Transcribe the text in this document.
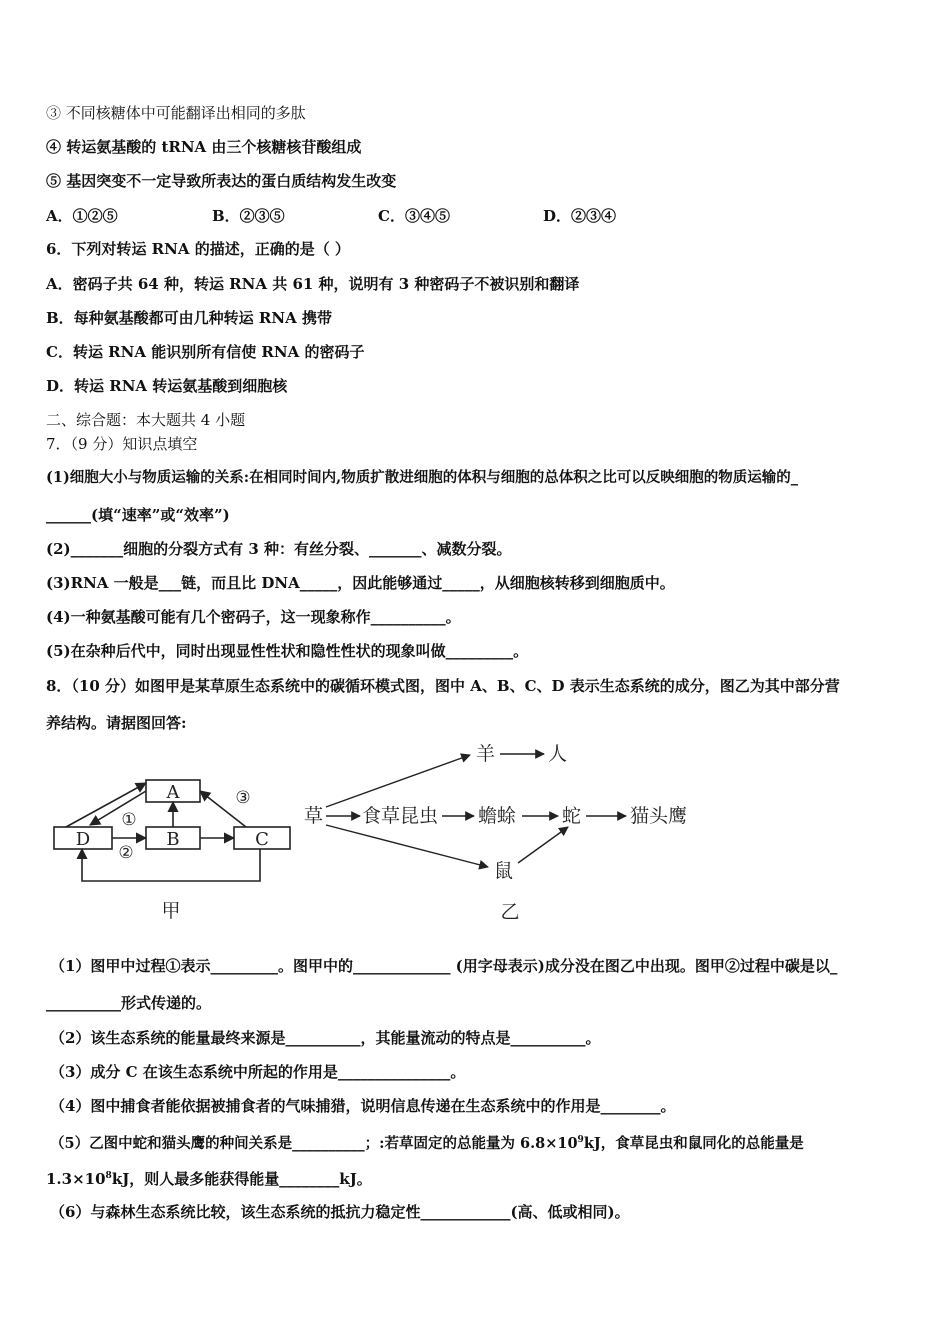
③ 不同核糖体中可能翻译出相同的多肽
④ 转运氨基酸的 tRNA 由三个核糖核苷酸组成
⑤ 基因突变不一定导致所表达的蛋白质结构发生改变
A．①②⑤	B．②③⑤	C．③④⑤	D．②③④
6．下列对转运 RNA 的描述，正确的是（ ）
A．密码子共 64 种，转运 RNA 共 61 种，说明有 3 种密码子不被识别和翻译
B．每种氨基酸都可由几种转运 RNA 携带
C．转运 RNA 能识别所有信使 RNA 的密码子
D．转运 RNA 转运氨基酸到细胞核
二、综合题：本大题共 4 小题
7．（9 分）知识点填空
(1)细胞大小与物质运输的关系:在相同时间内,物质扩散进细胞的体积与细胞的总体积之比可以反映细胞的物质运输的_
______(填“速率”或“效率”)
(2)_______细胞的分裂方式有 3 种：有丝分裂、_______、减数分裂。
(3)RNA 一般是___链，而且比 DNA_____，因此能够通过_____，从细胞核转移到细胞质中。
(4)一种氨基酸可能有几个密码子，这一现象称作__________。
(5)在杂种后代中，同时出现显性性状和隐性性状的现象叫做_________。
8．（10 分）如图甲是某草原生态系统中的碳循环模式图，图中 A、B、C、D 表示生态系统的成分，图乙为其中部分营
养结构。请据图回答:
A
B	C
D
①
②
③
甲
草 食草昆虫 蟾蜍 蛇	猫头鹰
羊	人
鼠
乙
（1）图甲中过程①表示_________。图甲中的_____________ (用字母表示)成分没在图乙中出现。图甲②过程中碳是以_
__________形式传递的。
（2）该生态系统的能量最终来源是__________，其能量流动的特点是__________。
（3）成分 C 在该生态系统中所起的作用是_______________。
（4）图中捕食者能依据被捕食者的气味捕猎，说明信息传递在生态系统中的作用是________。
（5）乙图中蛇和猫头鹰的种间关系是__________；:若草固定的总能量为 $6.8\times 10^9kJ$，食草昆虫和鼠同化的总能量是
$1.3\times 10^8kJ$，则人最多能获得能量________kJ。
（6）与森林生态系统比较，该生态系统的抵抗力稳定性____________(高、低或相同)。
